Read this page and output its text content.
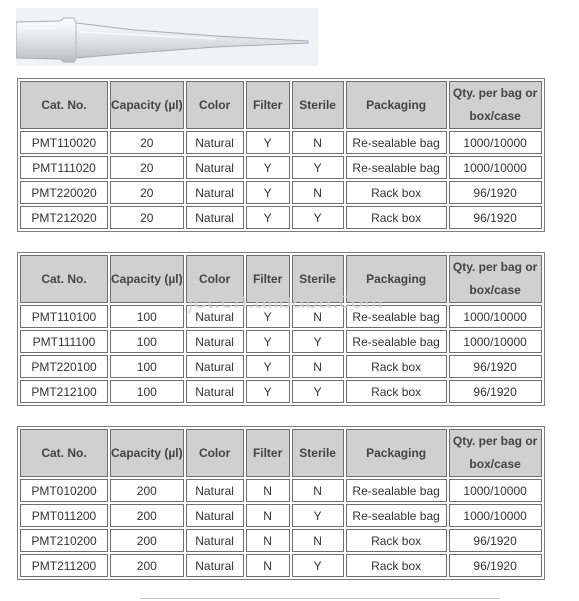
Cat. No.	Capacity (µl)	Color	Filter	Sterile	Packaging	Qty. per bag or
box/case
PMT110020	20	Natural	Y	N	Re-sealable bag	1000/10000
PMT111020	20	Natural	Y	Y	Re-sealable bag	1000/10000
PMT220020	20	Natural	Y	N	Rack box	96/1920
PMT212020	20	Natural	Y	Y	Rack box	96/1920
Cat. No.	Capacity (µl)	Color	Filter	Sterile	Packaging	Qty. per bag or
box/case
PMT110100	100	Natural	Y	N	Re-sealable bag	1000/10000
PMT111100	100	Natural	Y	Y	Re-sealable bag	1000/10000
PMT220100	100	Natural	Y	N	Rack box	96/1920
PMT212100	100	Natural	Y	Y	Rack box	96/1920
Cat. No.	Capacity (µl)	Color	Filter	Sterile	Packaging	Qty. per bag or
box/case
PMT010200	200	Natural	N	N	Re-sealable bag	1000/10000
PMT011200	200	Natural	N	Y	Re-sealable bag	1000/10000
PMT210200	200	Natural	N	N	Rack box	96/1920
PMT211200	200	Natural	N	Y	Rack box	96/1920
jet.en.alibaba.com
